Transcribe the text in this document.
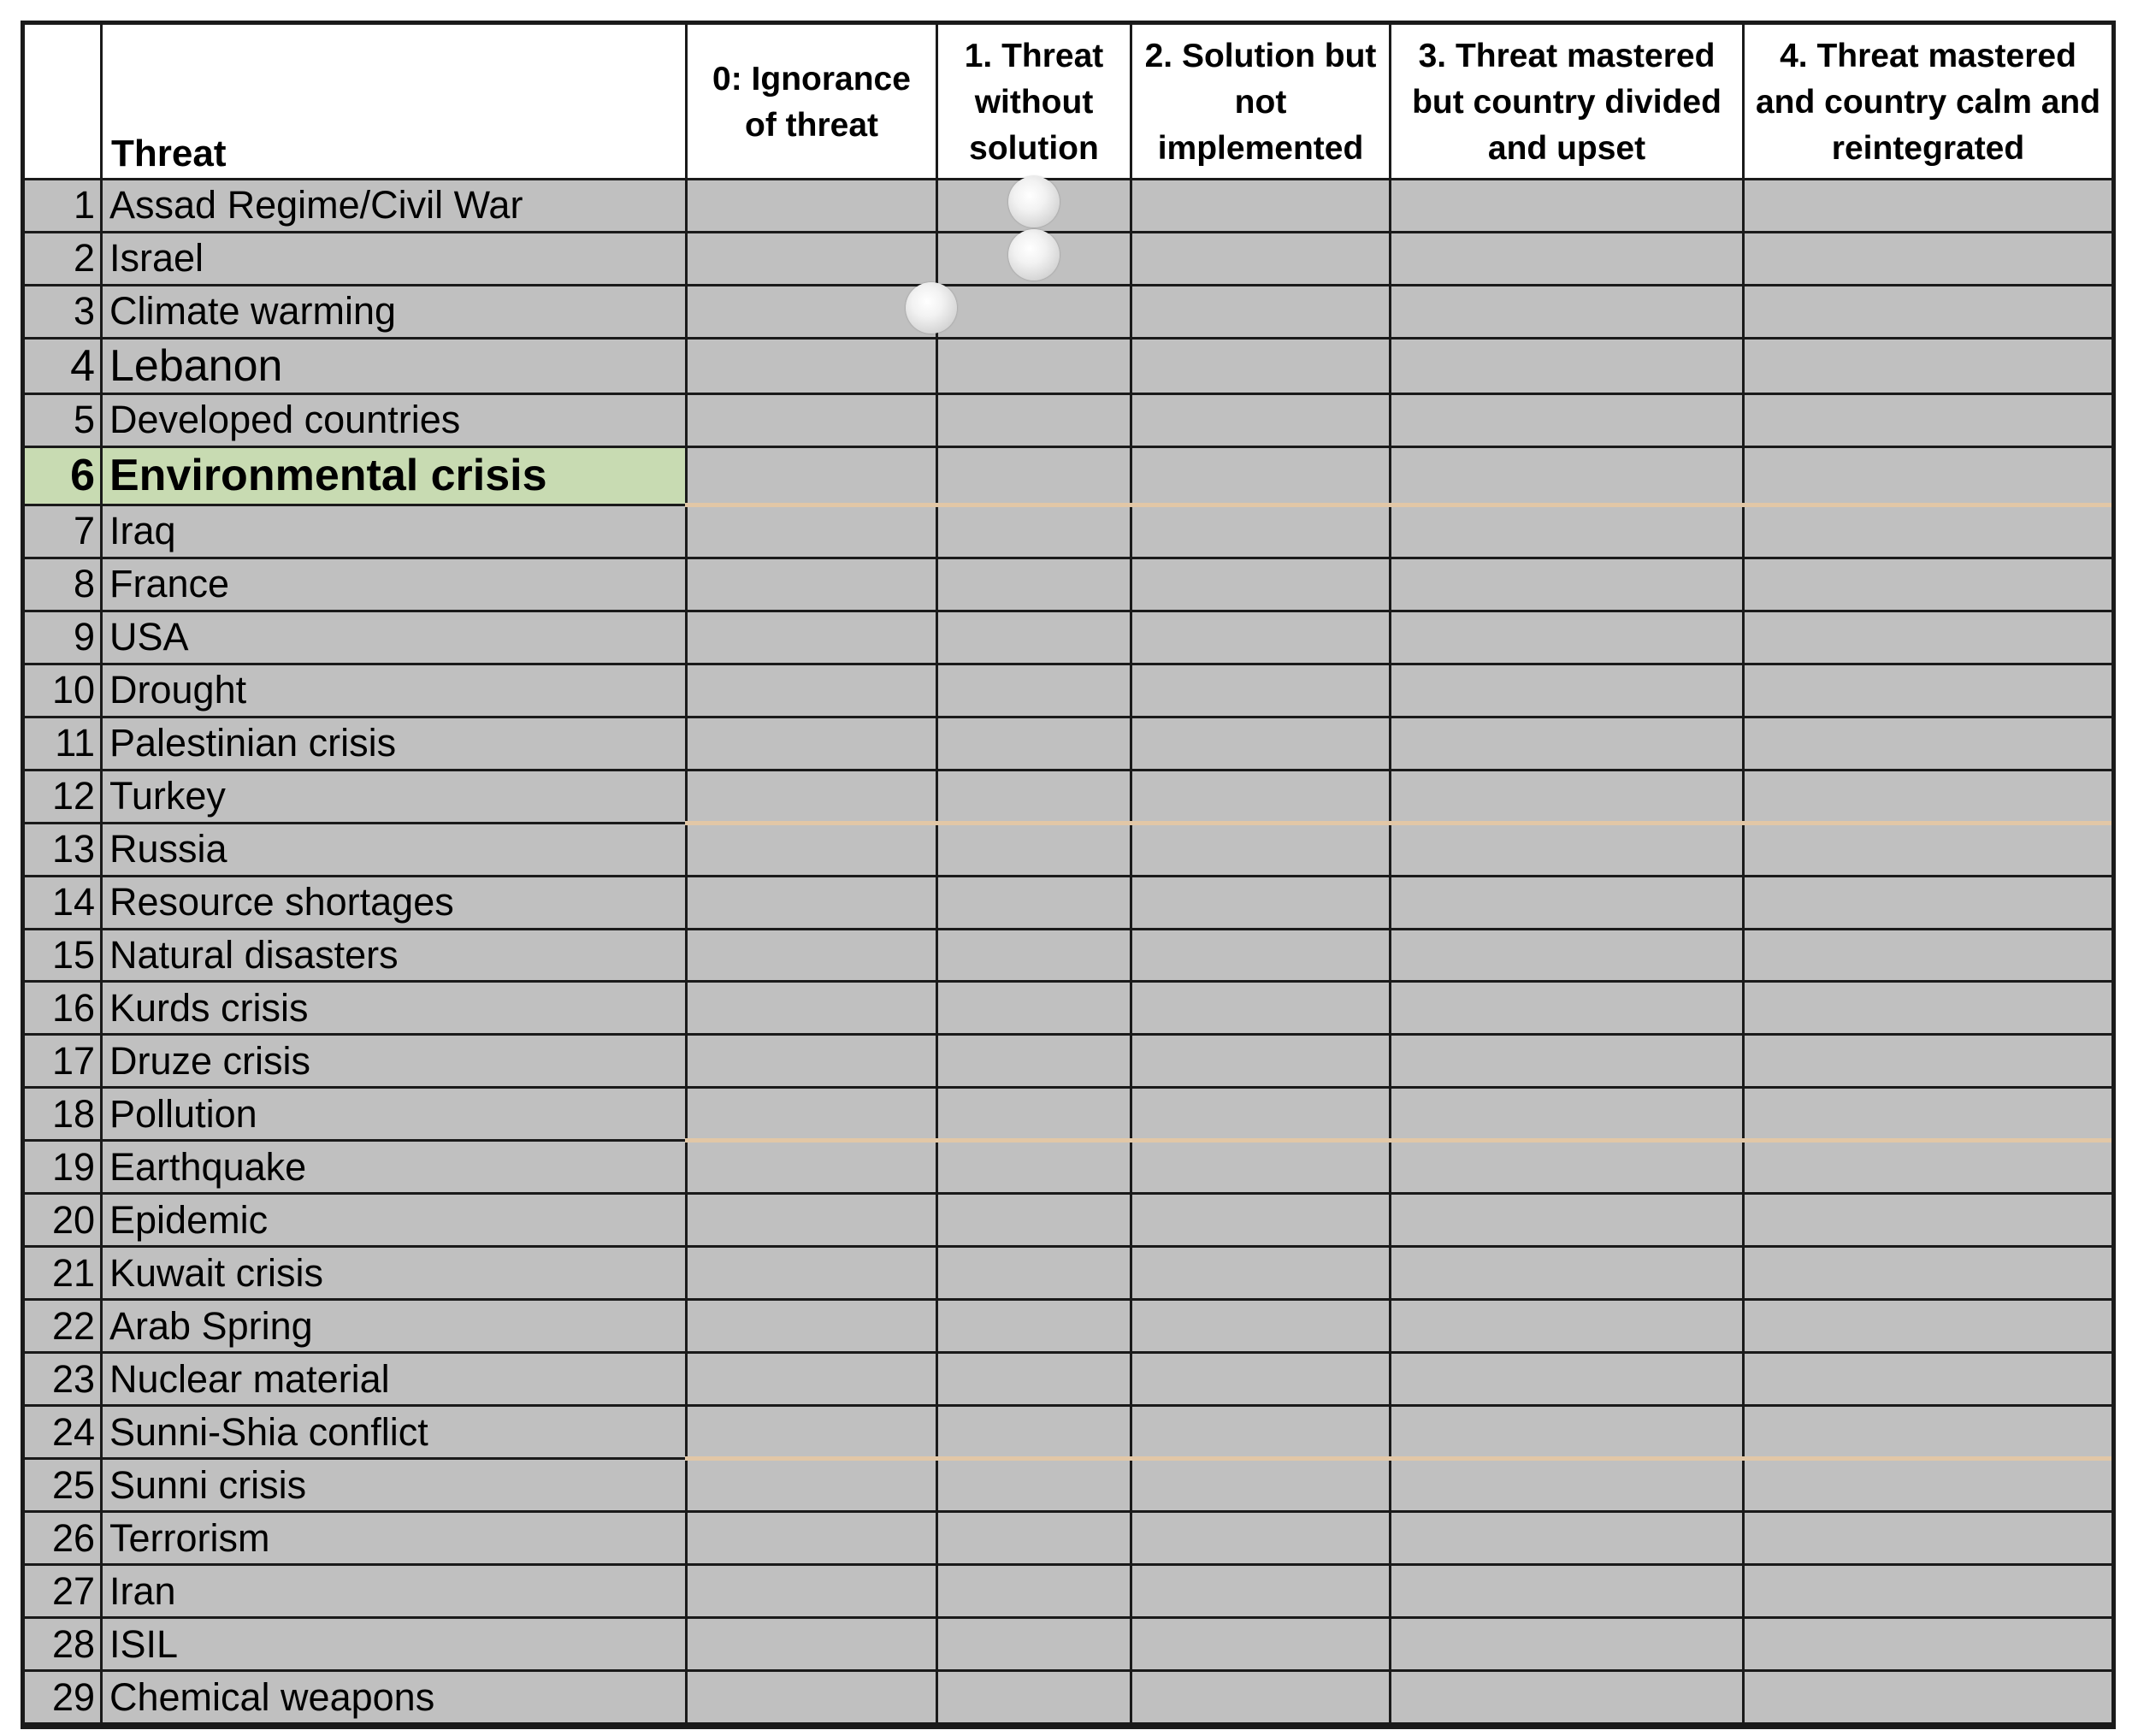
Threat
0: Ignorance of threat
1. Threat without solution
2. Solution but not implemented
3. Threat mastered but country divided and upset
4. Threat mastered and country calm and reintegrated
1 Assad Regime/Civil War
2 Israel
3 Climate warming
4 Lebanon
5 Developed countries
6 Environmental crisis
7 Iraq
8 France
9 USA
10 Drought
11 Palestinian crisis
12 Turkey
13 Russia
14 Resource shortages
15 Natural disasters
16 Kurds crisis
17 Druze crisis
18 Pollution
19 Earthquake
20 Epidemic
21 Kuwait crisis
22 Arab Spring
23 Nuclear material
24 Sunni-Shia conflict
25 Sunni crisis
26 Terrorism
27 Iran
28 ISIL
29 Chemical weapons
